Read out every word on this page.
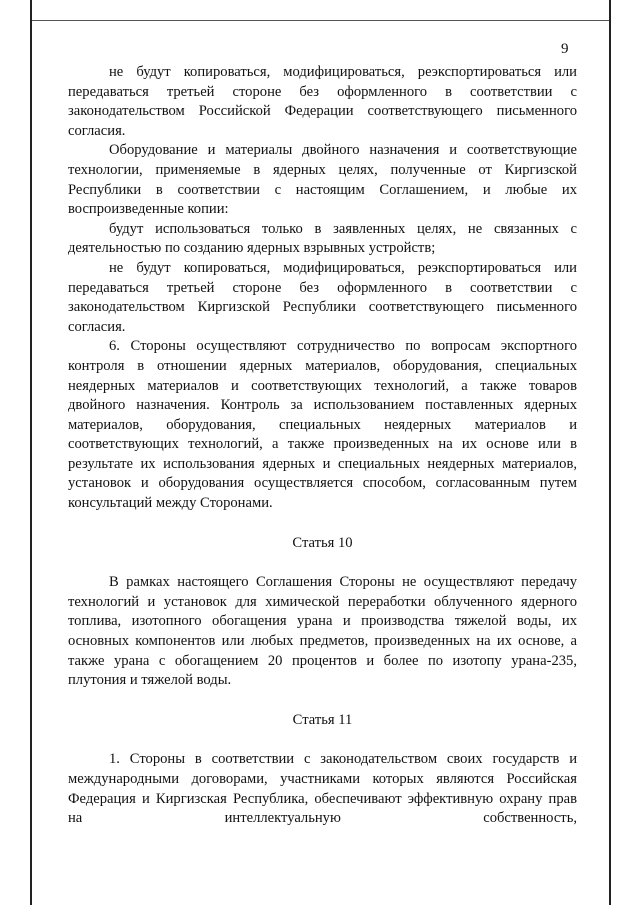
9

не будут копироваться, модифицироваться, реэкспортироваться или передаваться третьей стороне без оформленного в соответствии с законодательством Российской Федерации соответствующего письменного согласия.

Оборудование и материалы двойного назначения и соответствующие технологии, применяемые в ядерных целях, полученные от Киргизской Республики в соответствии с настоящим Соглашением, и любые их воспроизведенные копии:

будут использоваться только в заявленных целях, не связанных с деятельностью по созданию ядерных взрывных устройств;

не будут копироваться, модифицироваться, реэкспортироваться или передаваться третьей стороне без оформленного в соответствии с законодательством Киргизской Республики соответствующего письменного согласия.

6. Стороны осуществляют сотрудничество по вопросам экспортного контроля в отношении ядерных материалов, оборудования, специальных неядерных материалов и соответствующих технологий, а также товаров двойного назначения. Контроль за использованием поставленных ядерных материалов, оборудования, специальных неядерных материалов и соответствующих технологий, а также произведенных на их основе или в результате их использования ядерных и специальных неядерных материалов, установок и оборудования осуществляется способом, согласованным путем консультаций между Сторонами.

Статья 10

В рамках настоящего Соглашения Стороны не осуществляют передачу технологий и установок для химической переработки облученного ядерного топлива, изотопного обогащения урана и производства тяжелой воды, их основных компонентов или любых предметов, произведенных на их основе, а также урана с обогащением 20 процентов и более по изотопу урана-235, плутония и тяжелой воды.

Статья 11

1. Стороны в соответствии с законодательством своих государств и международными договорами, участниками которых являются Российская Федерация и Киргизская Республика, обеспечивают эффективную охрану прав на интеллектуальную собственность,
